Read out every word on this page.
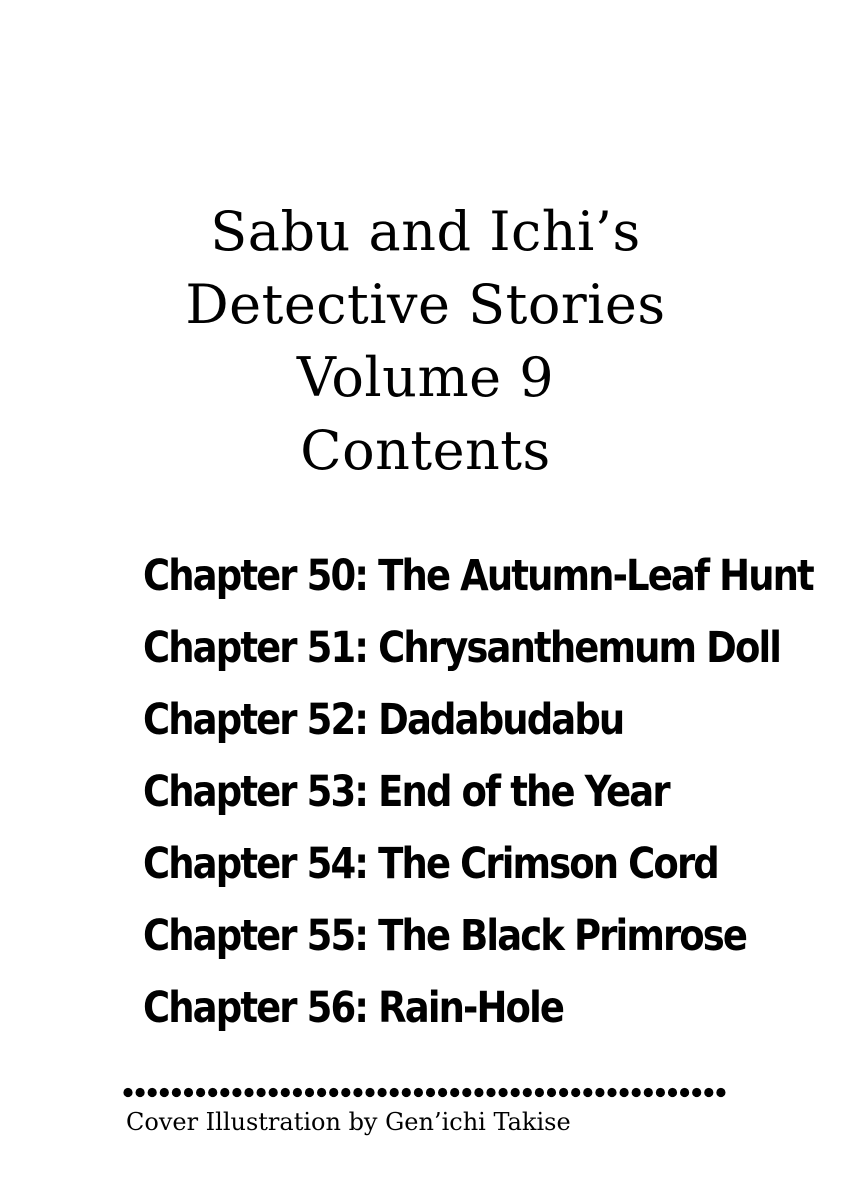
Sabu and Ichi’s
Detective Stories
Volume 9
Contents
Chapter 50: The Autumn-Leaf Hunt
Chapter 51: Chrysanthemum Doll
Chapter 52: Dadabudabu
Chapter 53: End of the Year
Chapter 54: The Crimson Cord
Chapter 55: The Black Primrose
Chapter 56: Rain-Hole
Cover Illustration by Gen’ichi Takise
